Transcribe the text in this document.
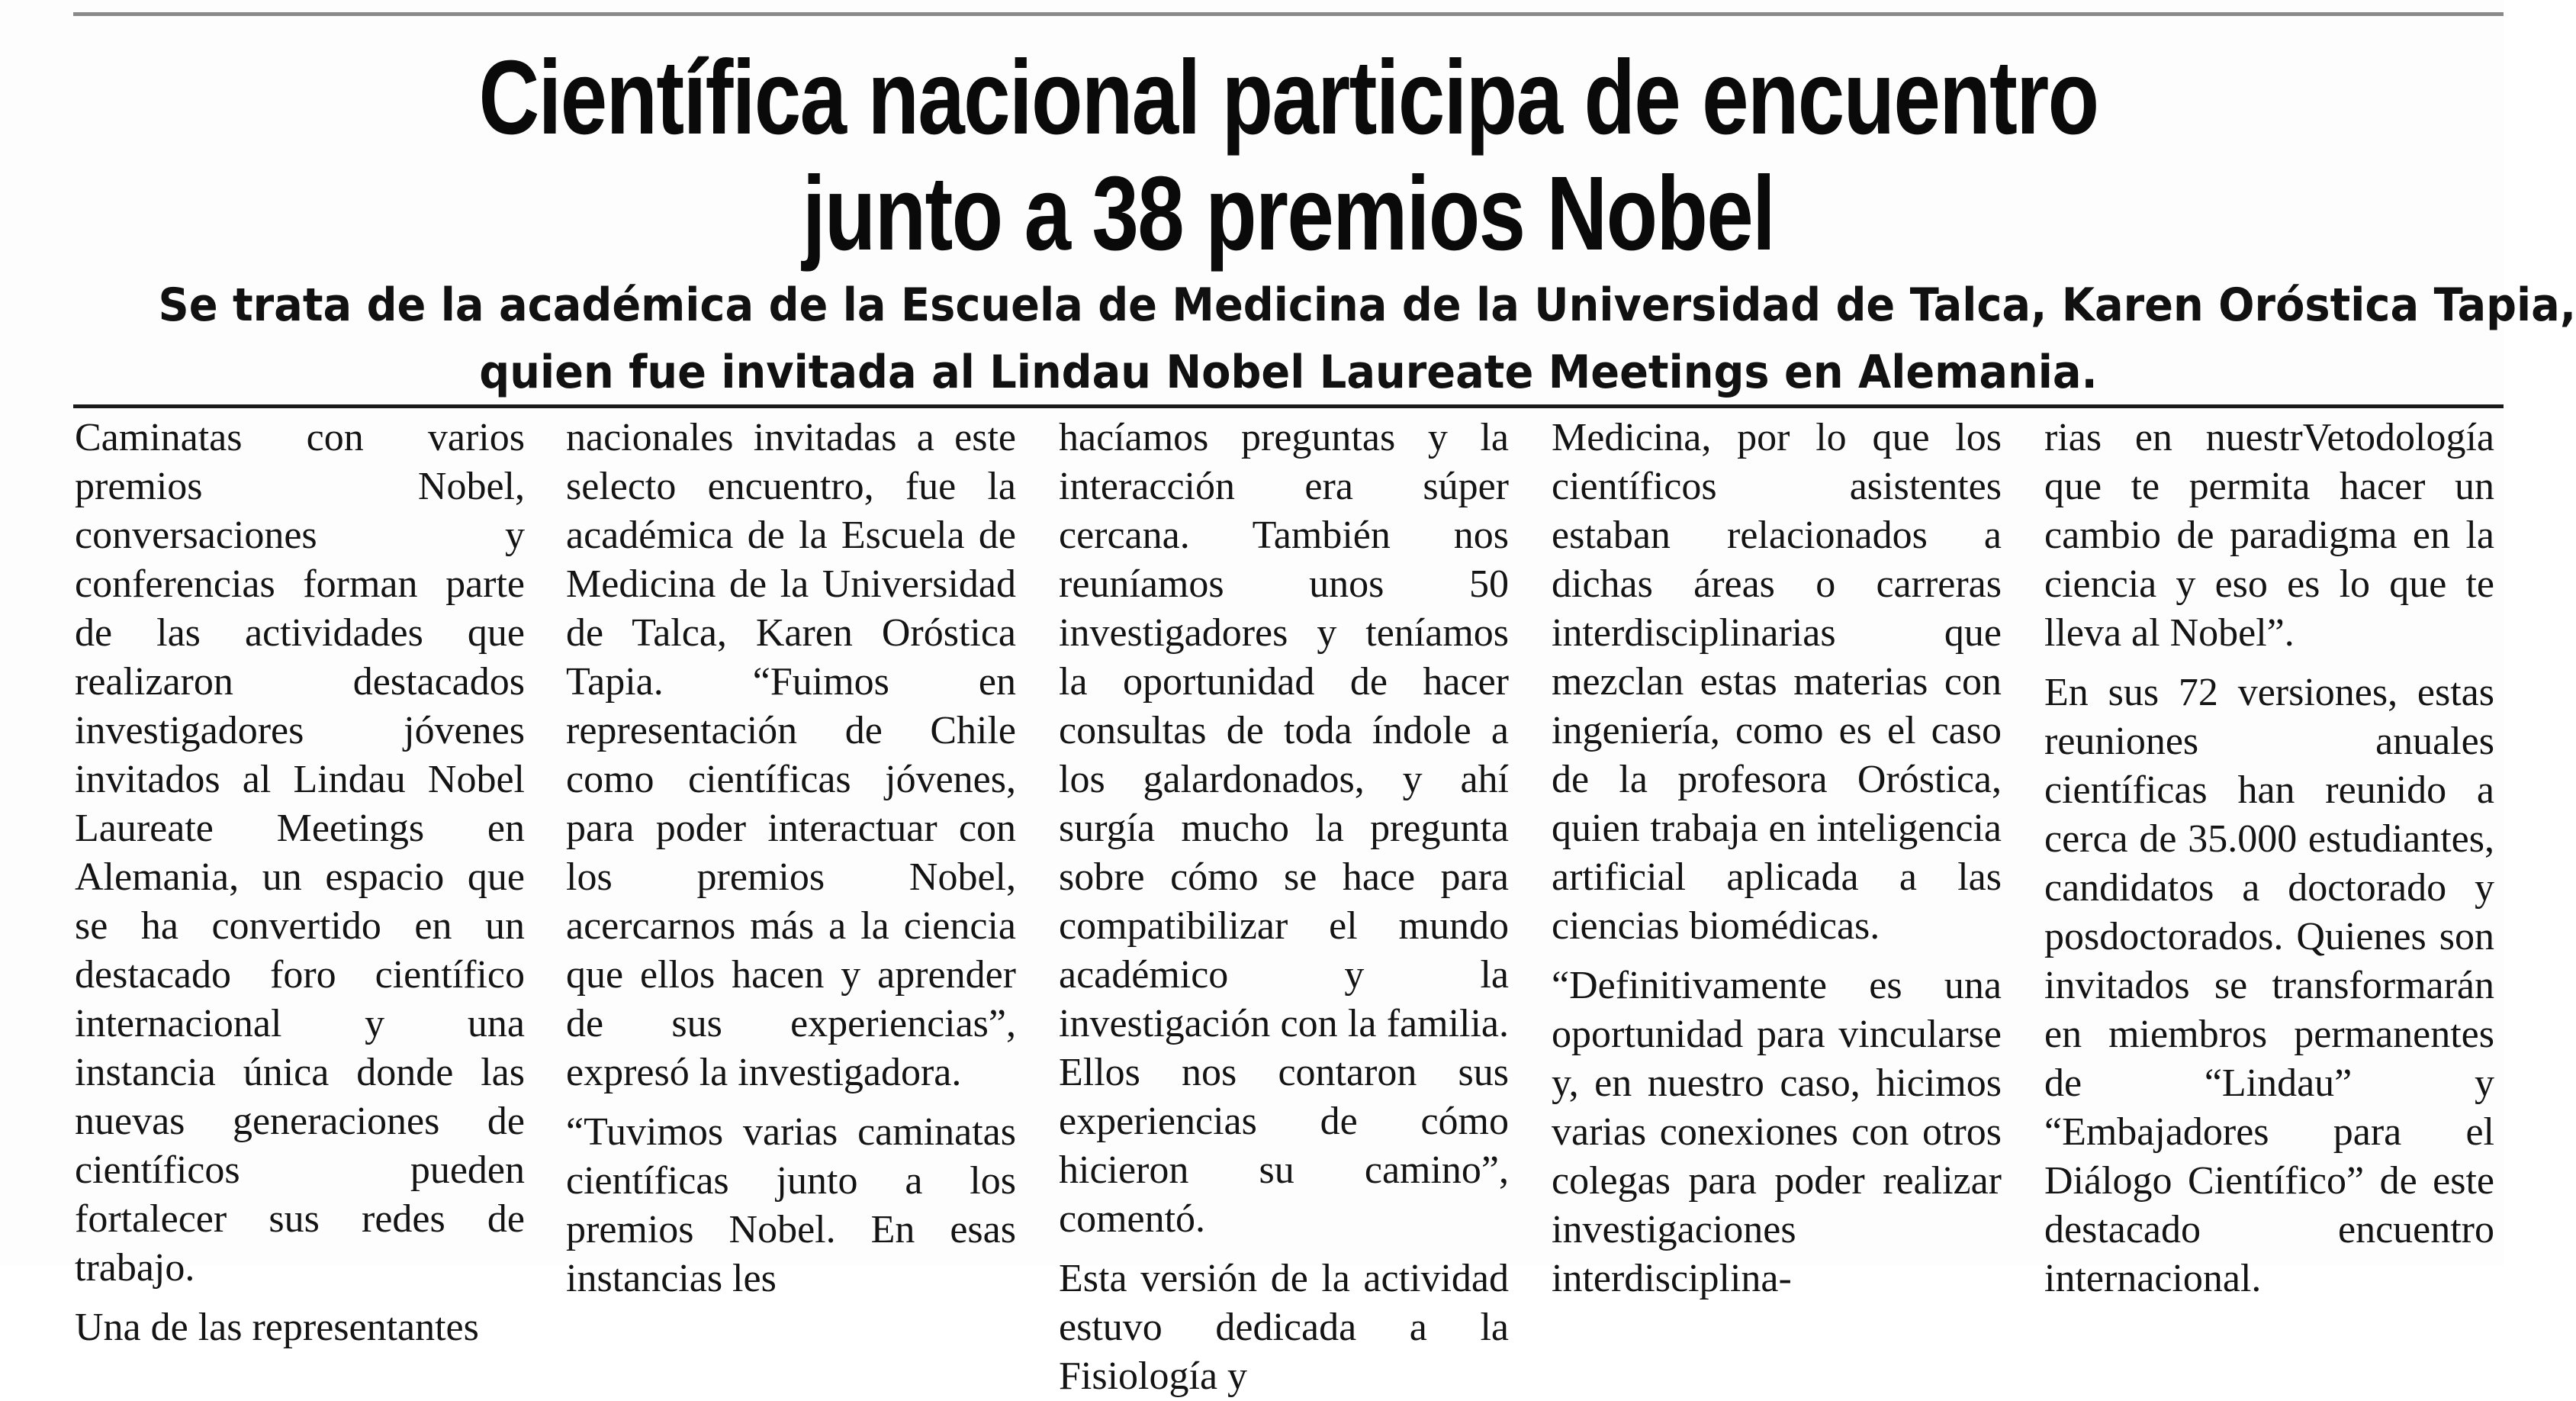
Científica nacional participa de encuentro
junto a 38 premios Nobel
Se trata de la académica de la Escuela de Medicina de la Universidad de Talca, Karen Oróstica Tapia,
quien fue invitada al Lindau Nobel Laureate Meetings en Alemania.

Caminatas con varios premios Nobel, conversaciones y conferencias forman parte de las actividades que realizaron destacados investigadores jóvenes invitados al Lindau Nobel Laureate Meetings en Alemania, un espacio que se ha convertido en un destacado foro científico internacional y una instancia única donde las nuevas generaciones de científicos pueden fortalecer sus redes de trabajo.

Una de las representantes

nacionales invitadas a este selecto encuentro, fue la académica de la Escuela de Medicina de la Universidad de Talca, Karen Oróstica Tapia. “Fuimos en representación de Chile como científicas jóvenes, para poder interactuar con los premios Nobel, acercarnos más a la ciencia que ellos hacen y aprender de sus experiencias”, expresó la investigadora.

“Tuvimos varias caminatas científicas junto a los premios Nobel. En esas instancias les

hacíamos preguntas y la interacción era súper cercana. También nos reuníamos unos 50 investigadores y teníamos la oportunidad de hacer consultas de toda índole a los galardonados, y ahí surgía mucho la pregunta sobre cómo se hace para compatibilizar el mundo académico y la investigación con la familia. Ellos nos contaron sus experiencias de cómo hicieron su camino”, comentó.

Esta versión de la actividad estuvo dedicada a la Fisiología y

Medicina, por lo que los científicos asistentes estaban relacionados a dichas áreas o carreras interdisciplinarias que mezclan estas materias con ingeniería, como es el caso de la profesora Oróstica, quien trabaja en inteligencia artificial aplicada a las ciencias biomédicas.

“Definitivamente es una oportunidad para vincularse y, en nuestro caso, hicimos varias conexiones con otros colegas para poder realizar investigaciones interdisciplina-

rias en nuestrVetodología que te permita hacer un cambio de paradigma en la ciencia y eso es lo que te lleva al Nobel”.

En sus 72 versiones, estas reuniones anuales científicas han reunido a cerca de 35.000 estudiantes, candidatos a doctorado y posdoctorados. Quienes son invitados se transformarán en miembros permanentes de “Lindau” y “Embajadores para el Diálogo Científico” de este destacado encuentro internacional.
